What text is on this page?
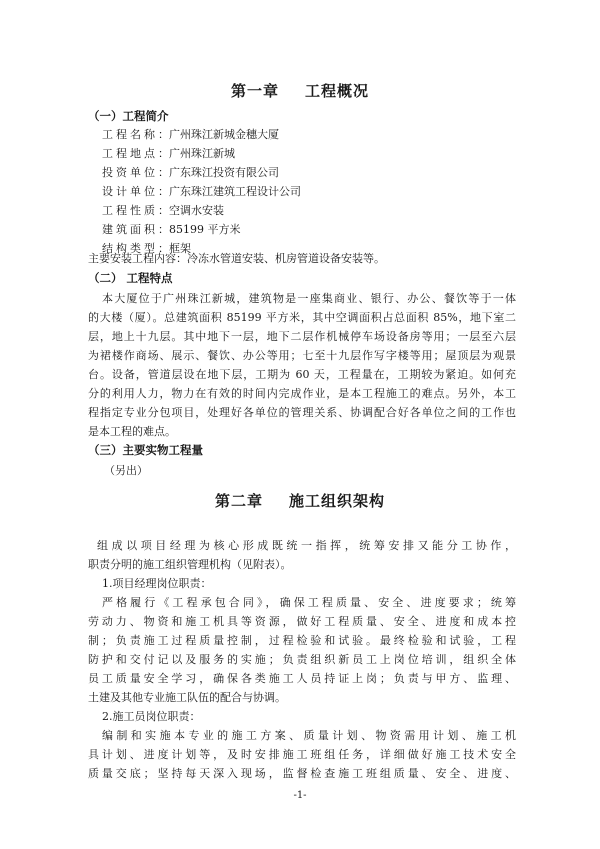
第一章 工程概况
（一）工程简介
工程名称：广州珠江新城金穗大厦
工程地点：广州珠江新城
投资单位：广东珠江投资有限公司
设计单位：广东珠江建筑工程设计公司
工程性质：空调水安装
建筑面积：85199 平方米
结构类型：框架
主要安装工程内容：冷冻水管道安装、机房管道设备安装等。
（二） 工程特点
本大厦位于广州珠江新城，建筑物是一座集商业、银行、办公、餐饮等于一体
的大楼（厦）。总建筑面积 85199 平方米，其中空调面积占总面积 85%，地下室二
层，地上十九层。其中地下一层，地下二层作机械停车场设备房等用；一层至六层
为裙楼作商场、展示、餐饮、办公等用；七至十九层作写字楼等用；屋顶层为观景
台。设备，管道层设在地下层，工期为 60 天，工程量在，工期较为紧迫。如何充
分的利用人力，物力在有效的时间内完成作业，是本工程施工的难点。另外，本工
程指定专业分包项目，处理好各单位的管理关系、协调配合好各单位之间的工作也
是本工程的难点。
（三）主要实物工程量
（另出）
第二章 施工组织架构
组成以项目经理为核心形成既统一指挥，统筹安排又能分工协作，
职责分明的施工组织管理机构（见附表）。
1.项目经理岗位职责：
严格履行《工程承包合同》，确保工程质量、安全、进度要求；统筹
劳动力、物资和施工机具等资源，做好工程质量、安全、进度和成本控
制；负责施工过程质量控制，过程检验和试验。最终检验和试验，工程
防护和交付记以及服务的实施；负责组织新员工上岗位培训，组织全体
员工质量安全学习，确保各类施工人员持证上岗；负责与甲方、监理、
土建及其他专业施工队伍的配合与协调。
2.施工员岗位职责：
编制和实施本专业的施工方案、质量计划、物资需用计划、施工机
具计划、进度计划等，及时安排施工班组任务，详细做好施工技术安全
质量交底；坚持每天深入现场，监督检查施工班组质量、安全、进度、
-1-
